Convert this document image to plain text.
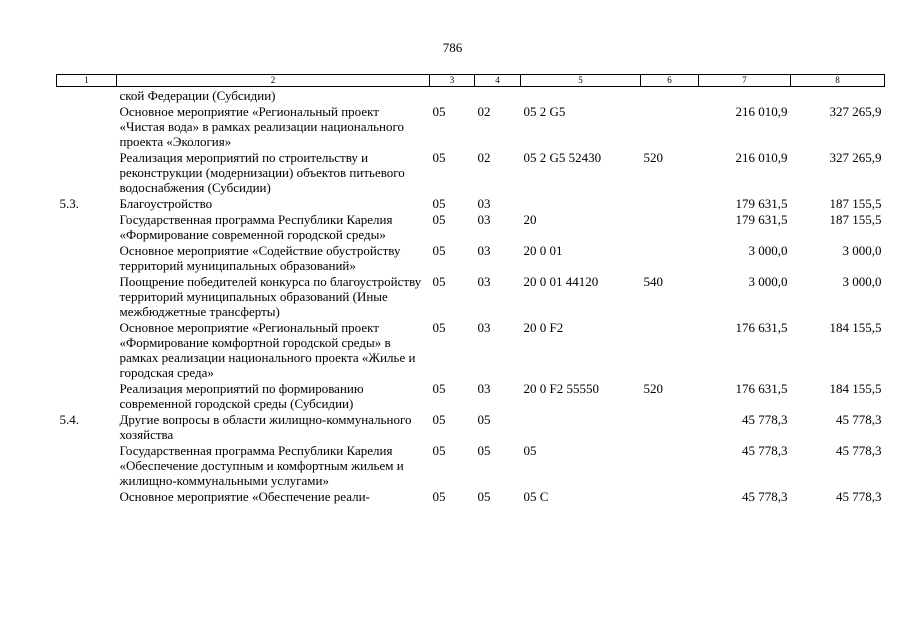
786
1	2	3	4	5	6	7	8
	ской Федерации (Субсидии)						
	Основное мероприятие «Региональный проект «Чистая вода» в рамках реализации национального проекта «Экология»	05	02	05 2 G5		216 010,9	327 265,9
	Реализация мероприятий по строительству и реконструкции (модернизации) объектов питьевого водоснабжения (Субсидии)	05	02	05 2 G5 52430	520	216 010,9	327 265,9
5.3.	Благоустройство	05	03			179 631,5	187 155,5
	Государственная программа Республики Карелия «Формирование современной городской среды»	05	03	20		179 631,5	187 155,5
	Основное мероприятие «Содействие обустройству территорий муниципальных образований»	05	03	20 0 01		3 000,0	3 000,0
	Поощрение победителей конкурса по благоустройству территорий муниципальных образований (Иные межбюджетные трансферты)	05	03	20 0 01 44120	540	3 000,0	3 000,0
	Основное мероприятие «Региональный проект «Формирование комфортной городской среды» в рамках реализации национального проекта «Жилье и городская среда»	05	03	20 0 F2		176 631,5	184 155,5
	Реализация мероприятий по формированию современной городской среды (Субсидии)	05	03	20 0 F2 55550	520	176 631,5	184 155,5
5.4.	Другие вопросы в области жилищно-коммунального хозяйства	05	05			45 778,3	45 778,3
	Государственная программа Республики Карелия «Обеспечение доступным и комфортным жильем и жилищно-коммунальными услугами»	05	05	05		45 778,3	45 778,3
	Основное мероприятие «Обеспечение реали-	05	05	05 С		45 778,3	45 778,3
